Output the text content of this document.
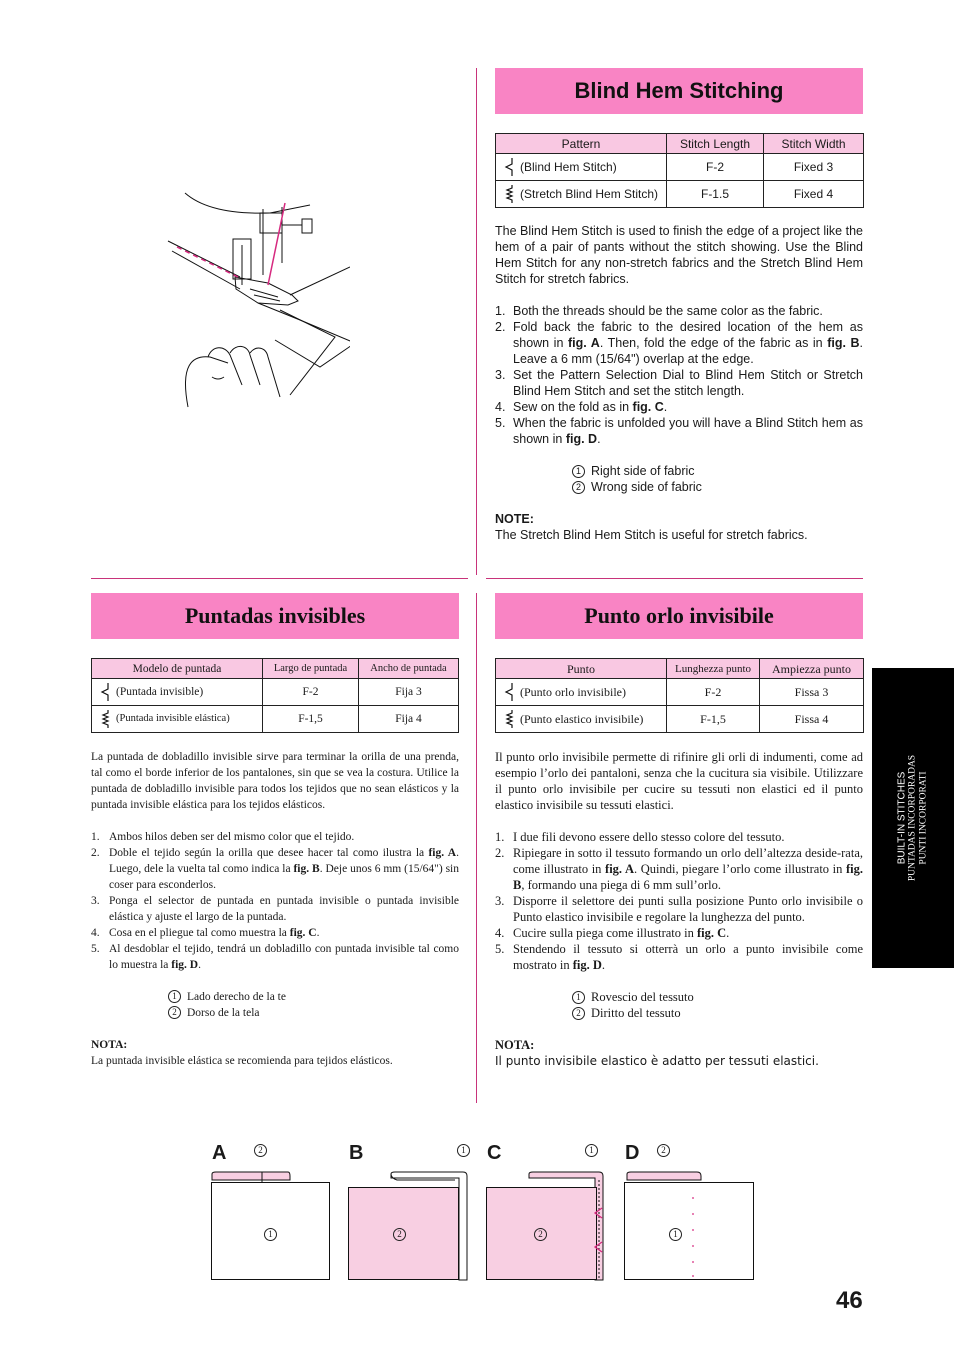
Blind Hem Stitching
Pattern	Stitch Length	Stitch Width

(Blind Hem Stitch)	F-2	Fixed 3

(Stretch Blind Hem Stitch)	F-1.5	Fixed 4

The Blind Hem Stitch is used to finish the edge of a project like the hem of a pair of pants without the stitch showing. Use the Blind Hem Stitch for any non-stretch fabrics and the Stretch Blind Hem Stitch for stretch fabrics.

1. Both the threads should be the same color as the fabric.
2. Fold back the fabric to the desired location of the hem as shown in fig. A. Then, fold the edge of the fabric as in fig. B. Leave a 6 mm (15/64") overlap at the edge.
3. Set the Pattern Selection Dial to Blind Hem Stitch or Stretch Blind Hem Stitch and set the stitch length.
4. Sew on the fold as in fig. C.
5. When the fabric is unfolded you will have a Blind Stitch hem as shown in fig. D.

1 Right side of fabric

2 Wrong side of fabric

NOTE:

The Stretch Blind Hem Stitch is useful for stretch fabrics.

Puntadas invisibles
Modelo de puntada	Largo de puntada	Ancho de puntada

(Puntada invisible)	F-2	Fija 3

(Puntada invisible elástica)	F-1,5	Fija 4

La puntada de dobladillo invisible sirve para terminar la orilla de una prenda, tal como el borde inferior de los pantalones, sin que se vea la costura. Utilice la puntada de dobladillo invisible para todos los tejidos que no sean elásticos y la puntada invisible elástica para los tejidos elásticos.

1. Ambos hilos deben ser del mismo color que el tejido.
2. Doble el tejido según la orilla que desee hacer tal como ilustra la fig. A. Luego, dele la vuelta tal como indica la fig. B. Deje unos 6 mm (15/64") sin coser para esconderlos.
3. Ponga el selector de puntada en puntada invisible o puntada invisible elástica y ajuste el largo de la puntada.
4. Cosa en el pliegue tal como muestra la fig. C.
5. Al desdoblar el tejido, tendrá un dobladillo con puntada invisible tal como lo muestra la fig. D.

1 Lado derecho de la te

2 Dorso de la tela

NOTA:

La puntada invisible elástica se recomienda para tejidos elásticos.

Punto orlo invisibile
Punto	Lunghezza punto	Ampiezza punto

(Punto orlo invisibile)	F-2	Fissa 3

(Punto elastico invisibile)	F-1,5	Fissa 4

Il punto orlo invisibile permette di rifinire gli orli di indumenti, come ad esempio l’orlo dei pantaloni, senza che la cucitura sia visibile. Utilizzare il punto orlo invisibile per cucire su tessuti non elastici ed il punto elastico invisibile su tessuti elastici.

1. I due fili devono essere dello stesso colore del tessuto.
2. Ripiegare in sotto il tessuto formando un orlo dell’altezza deside-rata, come illustrato in fig. A. Quindi, piegare l’orlo come illustrato in fig. B, formando una piega di 6 mm sull’orlo.
3. Disporre il selettore dei punti sulla posizione Punto orlo invisibile o Punto elastico invisibile e regolare la lunghezza del punto.
4. Cucire sulla piega come illustrato in fig. C.
5. Stendendo il tessuto si otterrà un orlo a punto invisibile come mostrato in fig. D.

1 Rovescio del tessuto

2 Diritto del tessuto

NOTA:

Il punto invisibile elastico è adatto per tessuti elastici.

BUILT-IN STITCHES PUNTADAS INCORPORADAS PUNTI INCORPORATI
A	B	C	D
2
1
1
2
1
2
2
1
46
